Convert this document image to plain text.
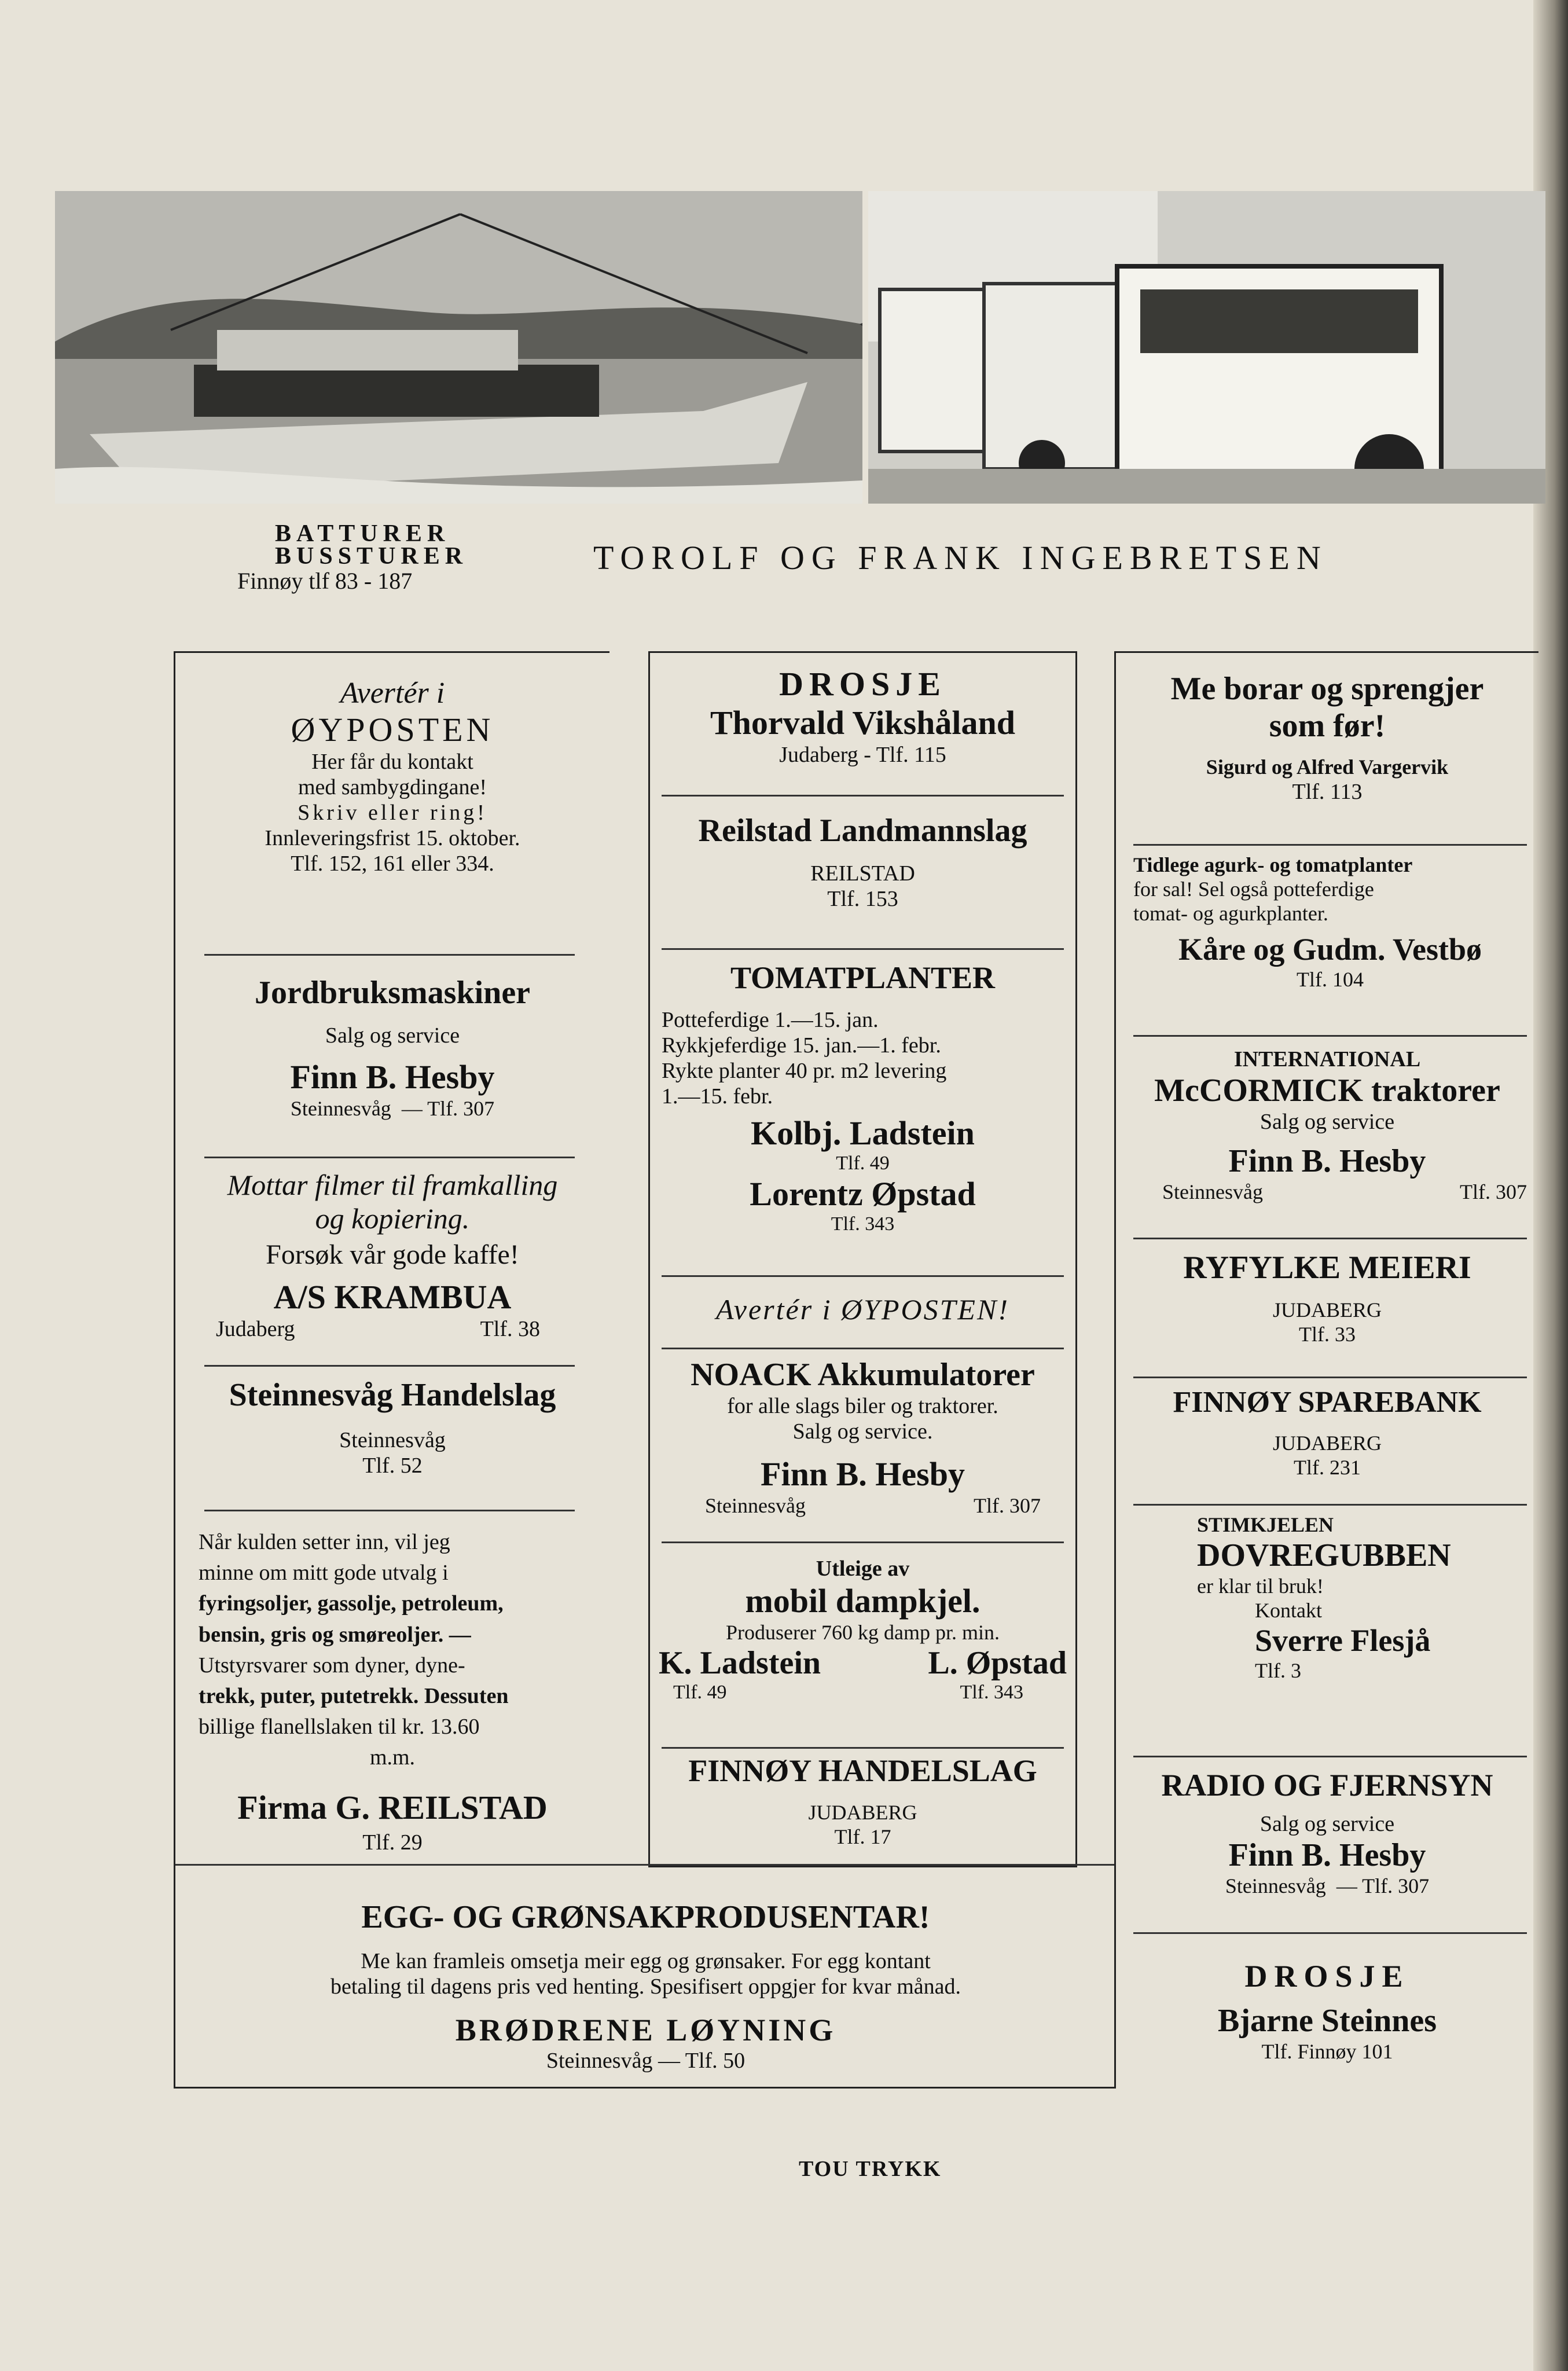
BATTURER
BUSSTURER
Finnøy tlf 83 - 187
TOROLF OG FRANK INGEBRETSEN
Avertér i
ØYPOSTEN
Her får du kontakt
med sambygdingane!
Skriv eller ring!
Innleveringsfrist 15. oktober.
Tlf. 152, 161 eller 334.
Jordbruksmaskiner
Salg og service
Finn B. Hesby
Steinnesvåg — Tlf. 307
Mottar filmer til framkalling
og kopiering.
Forsøk vår gode kaffe!
A/S KRAMBUA
Judaberg	Tlf. 38
Steinnesvåg Handelslag
Steinnesvåg
Tlf. 52
Når kulden setter inn, vil jeg
minne om mitt gode utvalg i
fyringsoljer, gassolje, petroleum,
bensin, gris og smøreoljer. —
Utstyrsvarer som dyner, dyne-
trekk, puter, putetrekk. Dessuten
billige flanellslaken til kr. 13.60
m.m.
Firma G. REILSTAD
Tlf. 29
DROSJE
Thorvald Vikshåland
Judaberg - Tlf. 115
Reilstad Landmannslag
REILSTAD
Tlf. 153
TOMATPLANTER
Potteferdige 1.—15. jan.
Rykkjeferdige 15. jan.—1. febr.
Rykte planter 40 pr. m2 levering
1.—15. febr.
Kolbj. Ladstein
Tlf. 49
Lorentz Øpstad
Tlf. 343
Avertér i ØYPOSTEN!
NOACK Akkumulatorer
for alle slags biler og traktorer.
Salg og service.
Finn B. Hesby
Steinnesvåg	Tlf. 307
Utleige av
mobil dampkjel.
Produserer 760 kg damp pr. min.
K. Ladstein	L. Øpstad
Tlf. 49	Tlf. 343
FINNØY HANDELSLAG
JUDABERG
Tlf. 17
Me borar og sprengjer
som før!
Sigurd og Alfred Vargervik
Tlf. 113
Tidlege agurk- og tomatplanter
for sal! Sel også potteferdige
tomat- og agurkplanter.
Kåre og Gudm. Vestbø
Tlf. 104
INTERNATIONAL
McCORMICK traktorer
Salg og service
Finn B. Hesby
Steinnesvåg	Tlf. 307
RYFYLKE MEIERI
JUDABERG
Tlf. 33
FINNØY SPAREBANK
JUDABERG
Tlf. 231
STIMKJELEN
DOVREGUBBEN
er klar til bruk!
Kontakt
Sverre Flesjå
Tlf. 3
RADIO OG FJERNSYN
Salg og service
Finn B. Hesby
Steinnesvåg — Tlf. 307
DROSJE
Bjarne Steinnes
Tlf. Finnøy 101
EGG- OG GRØNSAKPRODUSENTAR!
Me kan framleis omsetja meir egg og grønsaker. For egg kontant
betaling til dagens pris ved henting. Spesifisert oppgjer for kvar månad.
BRØDRENE LØYNING
Steinnesvåg — Tlf. 50
TOU TRYKK
